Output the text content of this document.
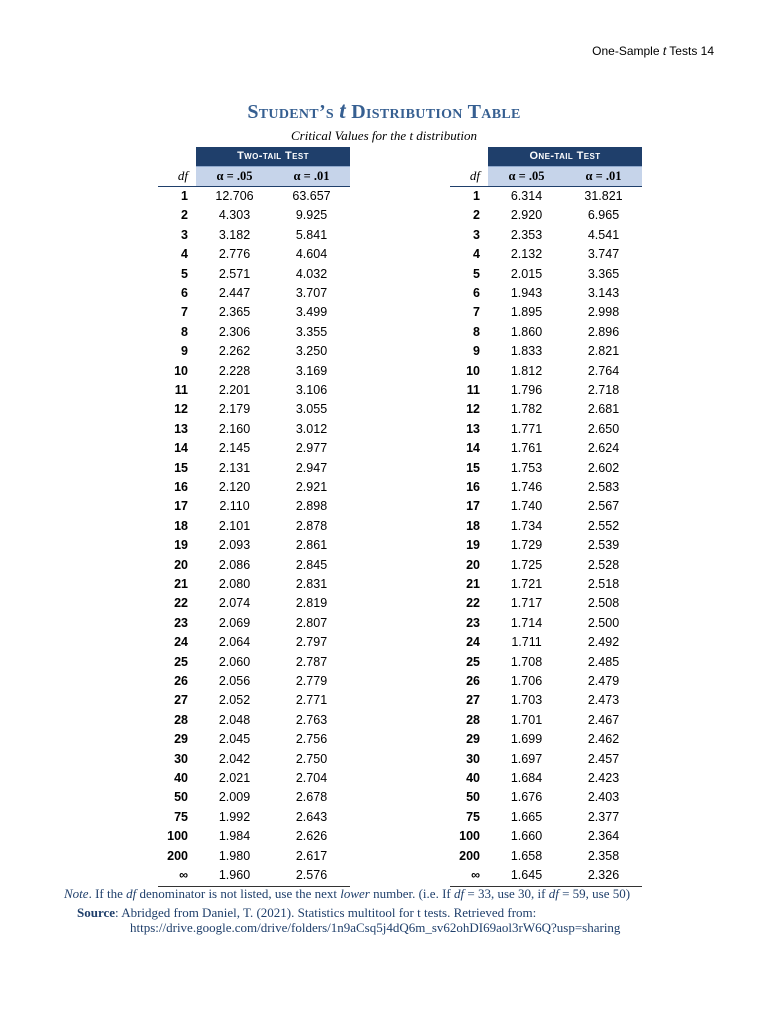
One-Sample t Tests 14
Student’s t Distribution Table
Critical Values for the t distribution
	Two-tail Test	
df	α = .05	α = .01
1	12.706	63.657
2	4.303	9.925
3	3.182	5.841
4	2.776	4.604
5	2.571	4.032
6	2.447	3.707
7	2.365	3.499
8	2.306	3.355
9	2.262	3.250
10	2.228	3.169
11	2.201	3.106
12	2.179	3.055
13	2.160	3.012
14	2.145	2.977
15	2.131	2.947
16	2.120	2.921
17	2.110	2.898
18	2.101	2.878
19	2.093	2.861
20	2.086	2.845
21	2.080	2.831
22	2.074	2.819
23	2.069	2.807
24	2.064	2.797
25	2.060	2.787
26	2.056	2.779
27	2.052	2.771
28	2.048	2.763
29	2.045	2.756
30	2.042	2.750
40	2.021	2.704
50	2.009	2.678
75	1.992	2.643
100	1.984	2.626
200	1.980	2.617
∞	1.960	2.576
	One-tail Test	
df	α = .05	α = .01
1	6.314	31.821
2	2.920	6.965
3	2.353	4.541
4	2.132	3.747
5	2.015	3.365
6	1.943	3.143
7	1.895	2.998
8	1.860	2.896
9	1.833	2.821
10	1.812	2.764
11	1.796	2.718
12	1.782	2.681
13	1.771	2.650
14	1.761	2.624
15	1.753	2.602
16	1.746	2.583
17	1.740	2.567
18	1.734	2.552
19	1.729	2.539
20	1.725	2.528
21	1.721	2.518
22	1.717	2.508
23	1.714	2.500
24	1.711	2.492
25	1.708	2.485
26	1.706	2.479
27	1.703	2.473
28	1.701	2.467
29	1.699	2.462
30	1.697	2.457
40	1.684	2.423
50	1.676	2.403
75	1.665	2.377
100	1.660	2.364
200	1.658	2.358
∞	1.645	2.326
Note. If the df denominator is not listed, use the next lower number. (i.e. If df = 33, use 30, if df = 59, use 50)
Source: Abridged from Daniel, T. (2021). Statistics multitool for t tests. Retrieved from:
https://drive.google.com/drive/folders/1n9aCsq5j4dQ6m_sv62ohDI69aol3rW6Q?usp=sharing
